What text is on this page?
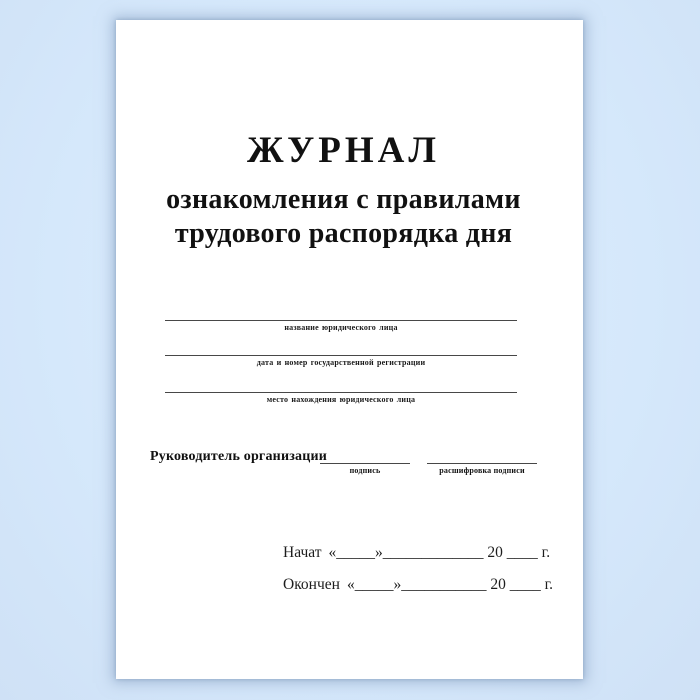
ЖУРНАЛ
ознакомления с правилами
трудового распорядка дня
название юридического лица
дата и номер государственной регистрации
место нахождения юридического лица
Руководитель организации
подпись	расшифровка подписи
Начат «_____»_____________ 20 ____ г.
Окончен «_____»___________ 20 ____ г.
